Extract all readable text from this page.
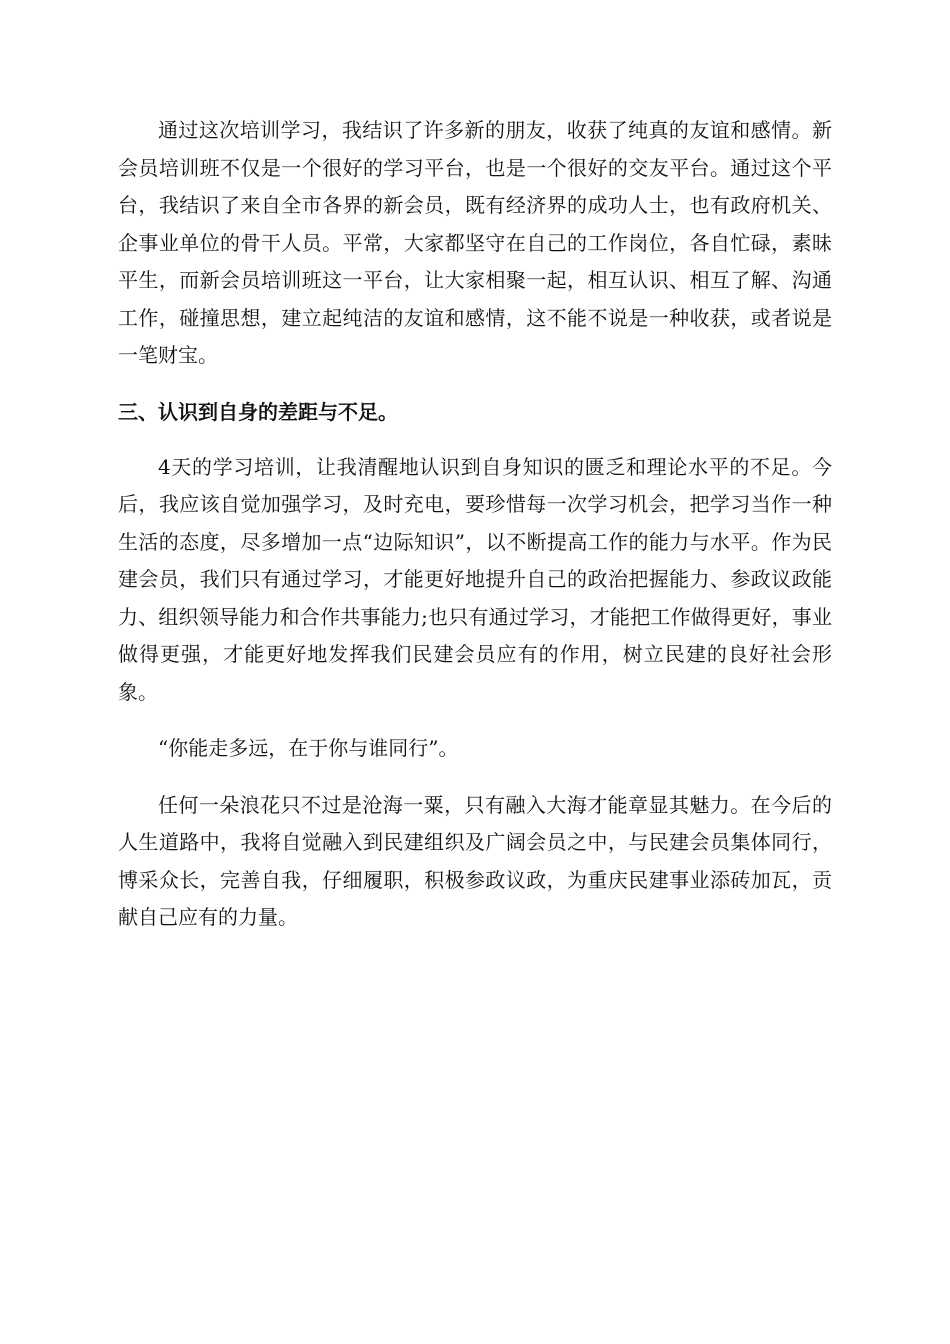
通过这次培训学习，我结识了许多新的朋友，收获了纯真的友谊和感情。新会员培训班不仅是一个很好的学习平台，也是一个很好的交友平台。通过这个平台，我结识了来自全市各界的新会员，既有经济界的成功人士，也有政府机关、企事业单位的骨干人员。平常，大家都坚守在自己的工作岗位，各自忙碌，素昧平生，而新会员培训班这一平台，让大家相聚一起，相互认识、相互了解、沟通工作，碰撞思想，建立起纯洁的友谊和感情，这不能不说是一种收获，或者说是一笔财宝。

三、认识到自身的差距与不足。

4天的学习培训，让我清醒地认识到自身知识的匮乏和理论水平的不足。今后，我应该自觉加强学习，及时充电，要珍惜每一次学习机会，把学习当作一种生活的态度，尽多增加一点“边际知识”，以不断提高工作的能力与水平。作为民建会员，我们只有通过学习，才能更好地提升自己的政治把握能力、参政议政能力、组织领导能力和合作共事能力;也只有通过学习，才能把工作做得更好，事业做得更强，才能更好地发挥我们民建会员应有的作用，树立民建的良好社会形象。

“你能走多远，在于你与谁同行”。

任何一朵浪花只不过是沧海一粟，只有融入大海才能章显其魅力。在今后的人生道路中，我将自觉融入到民建组织及广阔会员之中，与民建会员集体同行，博采众长，完善自我，仔细履职，积极参政议政，为重庆民建事业添砖加瓦，贡献自己应有的力量。
